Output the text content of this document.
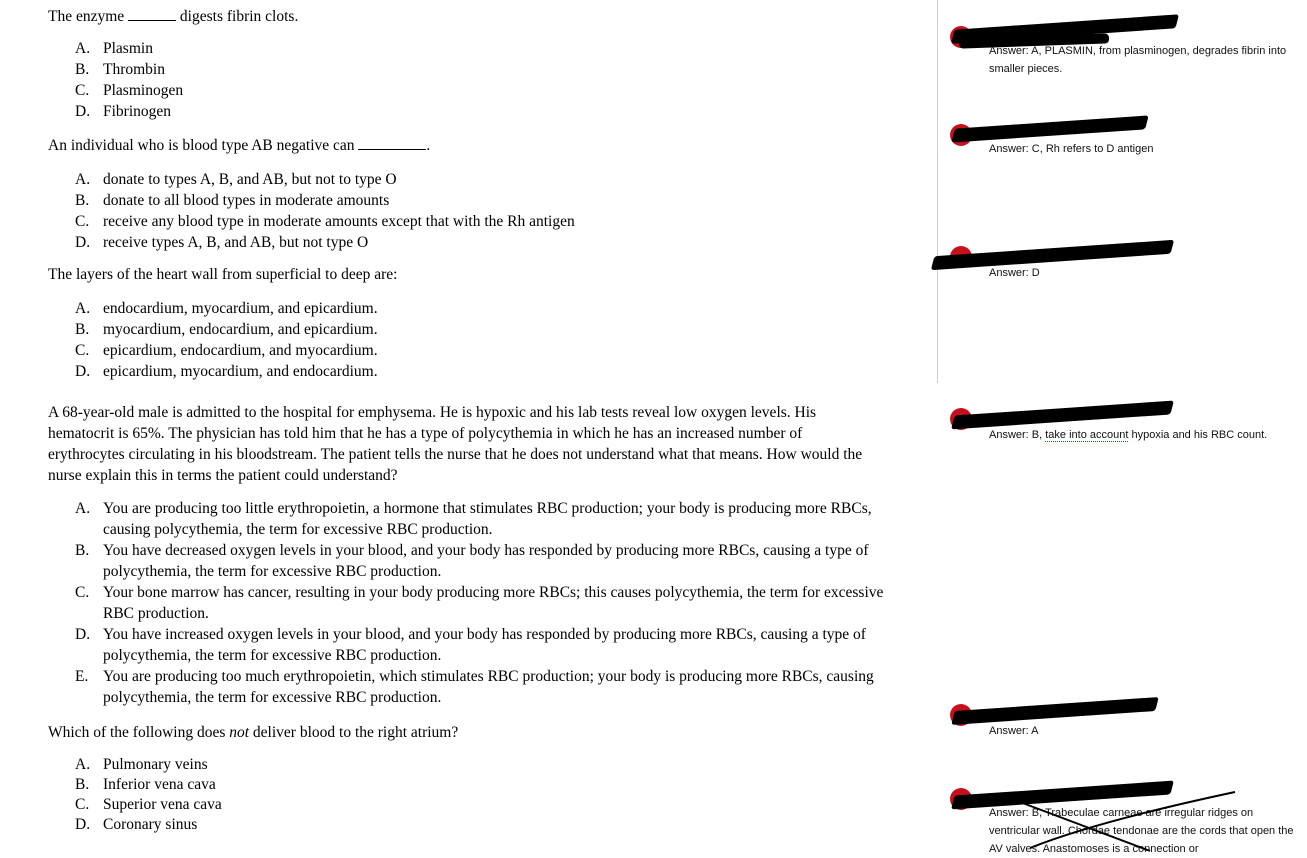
The enzyme	digests fibrin clots.
A. Plasmin
B. Thrombin
C. Plasminogen
D. Fibrinogen
An individual who is blood type AB negative can	.
A. donate to types A, B, and AB, but not to type O
B. donate to all blood types in moderate amounts
C. receive any blood type in moderate amounts except that with the Rh antigen
D. receive types A, B, and AB, but not type O
The layers of the heart wall from superficial to deep are:
A. endocardium, myocardium, and epicardium.
B. myocardium, endocardium, and epicardium.
C. epicardium, endocardium, and myocardium.
D. epicardium, myocardium, and endocardium.
A 68-year-old male is admitted to the hospital for emphysema. He is hypoxic and his lab tests reveal low oxygen levels. His hematocrit is 65%. The physician has told him that he has a type of polycythemia in which he has an increased number of erythrocytes circulating in his bloodstream. The patient tells the nurse that he does not understand what that means. How would the nurse explain this in terms the patient could understand?
A. You are producing too little erythropoietin, a hormone that stimulates RBC production; your body is producing more RBCs, causing polycythemia, the term for excessive RBC production.
B. You have decreased oxygen levels in your blood, and your body has responded by producing more RBCs, causing a type of polycythemia, the term for excessive RBC production.
C. Your bone marrow has cancer, resulting in your body producing more RBCs; this causes polycythemia, the term for excessive RBC production.
D. You have increased oxygen levels in your blood, and your body has responded by producing more RBCs, causing a type of polycythemia, the term for excessive RBC production.
E. You are producing too much erythropoietin, which stimulates RBC production; your body is producing more RBCs, causing polycythemia, the term for excessive RBC production.
Which of the following does not deliver blood to the right atrium?
A. Pulmonary veins
B. Inferior vena cava
C. Superior vena cava
D. Coronary sinus
Answer: A, PLASMIN, from plasminogen, degrades fibrin into smaller pieces.
Answer: C, Rh refers to D antigen
Answer: D
Answer: B, take into account hypoxia and his RBC count.
Answer: A
Answer: B, Trabeculae carneae are irregular ridges on ventricular wall. Chordae tendonae are the cords that open the AV valves. Anastomoses is a connection or
